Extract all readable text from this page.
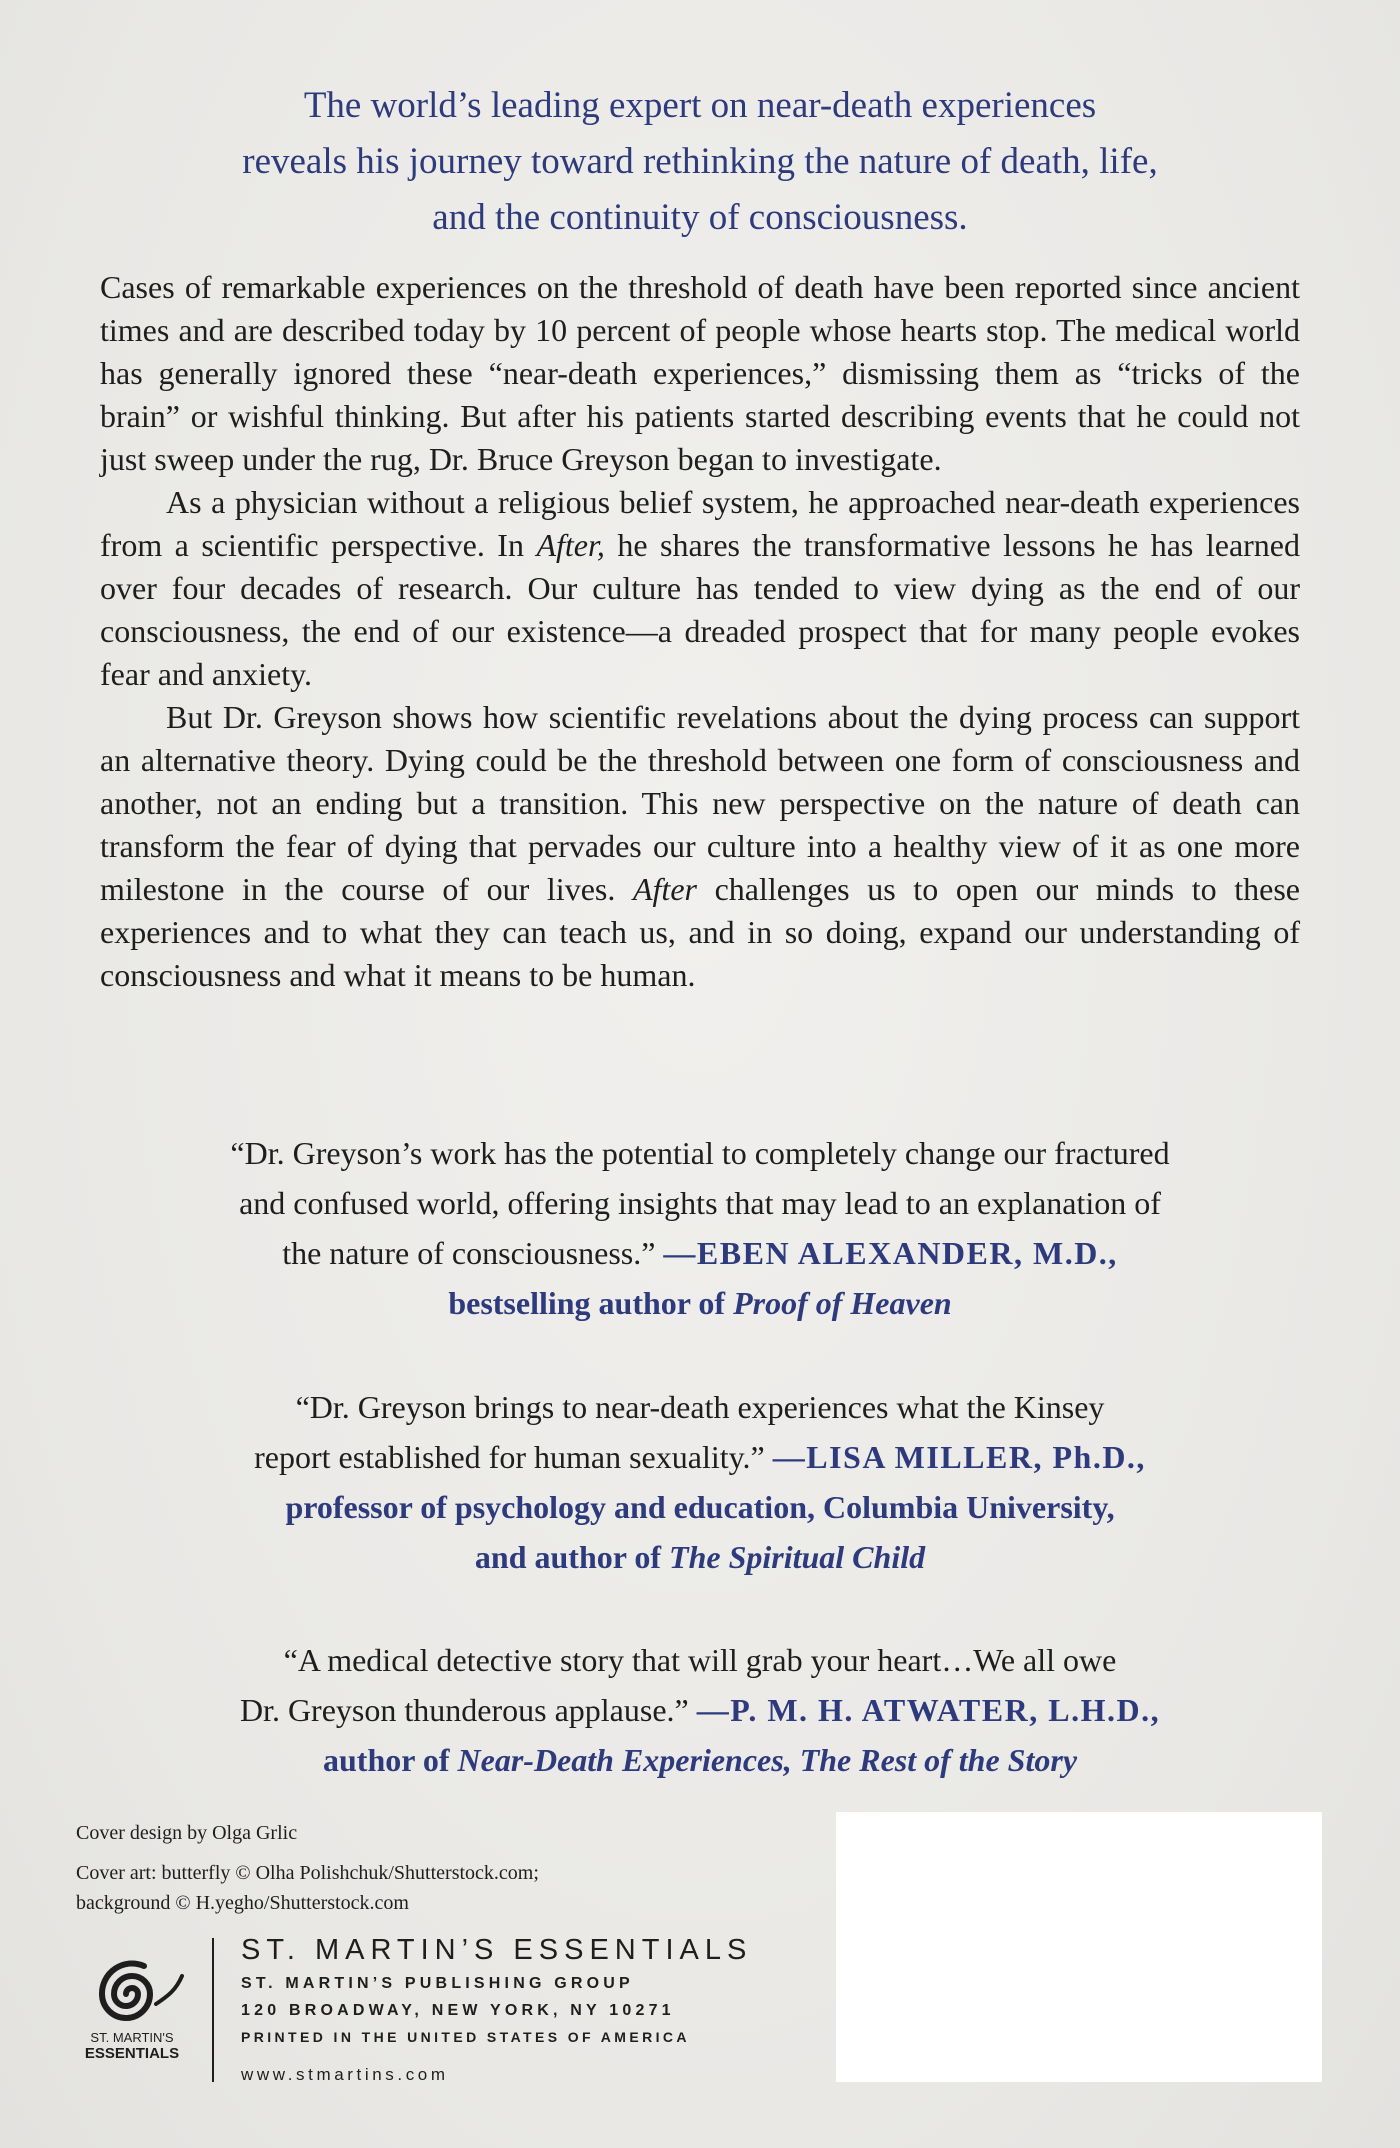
The world’s leading expert on near-death experiences
reveals his journey toward rethinking the nature of death, life,
and the continuity of consciousness.

Cases of remarkable experiences on the threshold of death have been reported since ancient times and are described today by 10 percent of people whose hearts stop. The medical world has generally ignored these “near-death experiences,” dismissing them as “tricks of the brain” or wishful thinking. But after his patients started describing events that he could not just sweep under the rug, Dr. Bruce Greyson began to investigate.

As a physician without a religious belief system, he approached near-death experiences from a scientific perspective. In After, he shares the transformative lessons he has learned over four decades of research. Our culture has tended to view dying as the end of our consciousness, the end of our existence—a dreaded prospect that for many people evokes fear and anxiety.

But Dr. Greyson shows how scientific revelations about the dying process can support an alternative theory. Dying could be the threshold between one form of consciousness and another, not an ending but a transition. This new perspective on the nature of death can transform the fear of dying that pervades our culture into a healthy view of it as one more milestone in the course of our lives. After challenges us to open our minds to these experiences and to what they can teach us, and in so doing, expand our understanding of consciousness and what it means to be human.

“Dr. Greyson’s work has the potential to completely change our fractured
and confused world, offering insights that may lead to an explanation of
the nature of consciousness.” —EBEN ALEXANDER, M.D.,
bestselling author of Proof of Heaven
“Dr. Greyson brings to near-death experiences what the Kinsey
report established for human sexuality.” —LISA MILLER, Ph.D.,
professor of psychology and education, Columbia University,
and author of The Spiritual Child
“A medical detective story that will grab your heart…We all owe
Dr. Greyson thunderous applause.” —P. M. H. ATWATER, L.H.D.,
author of Near-Death Experiences, The Rest of the Story

Cover design by Olga Grlic

Cover art: butterfly © Olha Polishchuk/Shutterstock.com;
background © H.yegho/Shutterstock.com

ST. MARTIN'S
ESSENTIALS
ST. MARTIN’S ESSENTIALS
ST. MARTIN’S PUBLISHING GROUP
120 BROADWAY, NEW YORK, NY 10271
PRINTED IN THE UNITED STATES OF AMERICA
www.stmartins.com
